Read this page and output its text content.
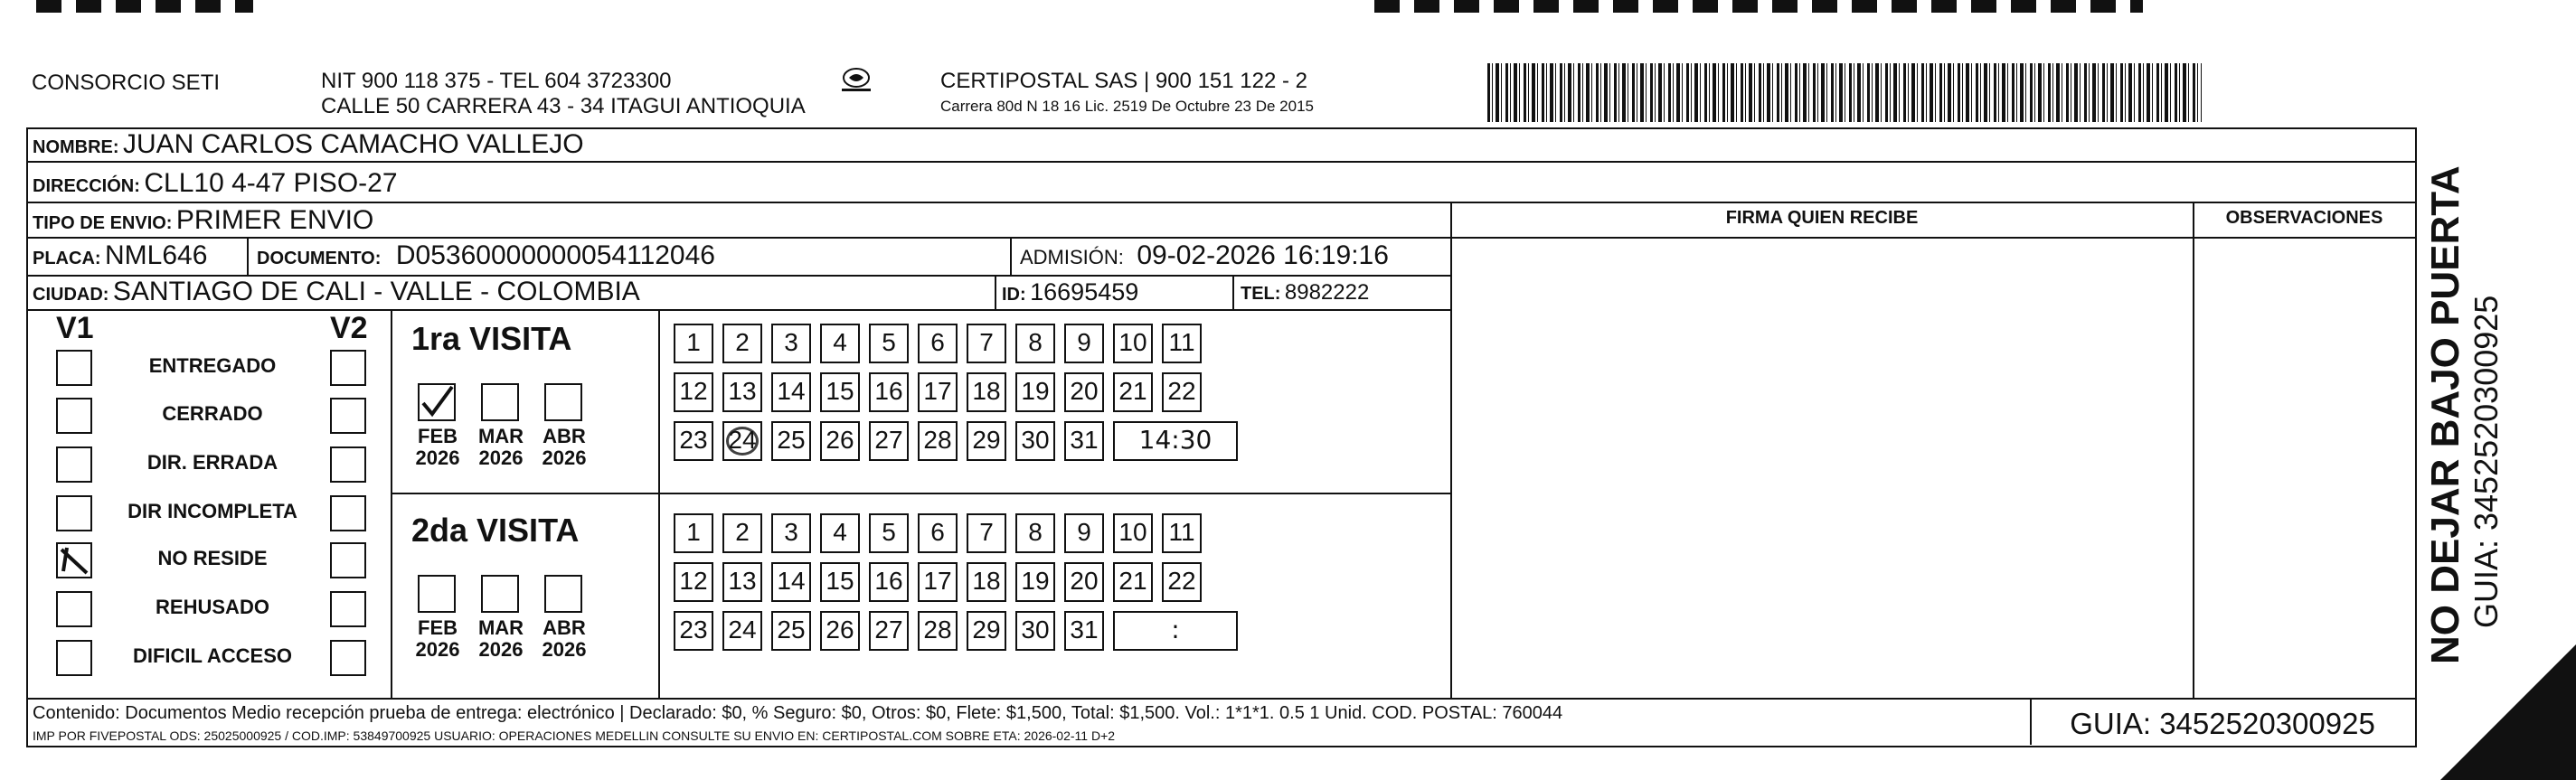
CONSORCIO SETI	NIT 900 118 375 - TEL 604 3723300
CALLE 50 CARRERA 43 - 34 ITAGUI ANTIOQUIA
CERTIPOSTAL SAS | 900 151 122 - 2
Carrera 80d N 18 16 Lic. 2519 De Octubre 23 De 2015
NOMBRE: JUAN CARLOS CAMACHO VALLEJO
DIRECCIÓN: CLL10 4-47 PISO-27
TIPO DE ENVIO: PRIMER ENVIO
PLACA: NML646	DOCUMENTO: D05360000000054112046	ADMISIÓN: 09-02-2026 16:19:16
CIUDAD: SANTIAGO DE CALI - VALLE - COLOMBIA	ID: 16695459	TEL: 8982222
FIRMA QUIEN RECIBE	OBSERVACIONES
V1	V2
ENTREGADO
CERRADO
DIR. ERRADA
DIR INCOMPLETA
NO RESIDE
REHUSADO
DIFICIL ACCESO
1ra VISITA
FEB
2026
MAR
2026
ABR
2026
1	2	3	4	5	6	7	8	9	10 11
12 13 14 15 16 17 18 19 20 21 22
23 24 25 26 27 28 29 30 31	14:30
2da VISITA
FEB
2026
MAR
2026
ABR
2026
1	2	3	4	5	6	7	8	9	10 11
12 13 14 15 16 17 18 19 20 21 22
23 24 25 26 27 28 29 30 31	:
Contenido: Documentos Medio recepción prueba de entrega: electrónico | Declarado: $0, % Seguro: $0, Otros: $0, Flete: $1,500, Total: $1,500. Vol.: 1*1*1. 0.5 1 Unid. COD. POSTAL: 760044
IMP POR FIVEPOSTAL ODS: 25025000925 / COD.IMP: 53849700925 USUARIO: OPERACIONES MEDELLIN CONSULTE SU ENVIO EN: CERTIPOSTAL.COM SOBRE ETA: 2026-02-11 D+2	GUIA: 3452520300925
NO DEJAR BAJO PUERTA GUIA: 3452520300925
